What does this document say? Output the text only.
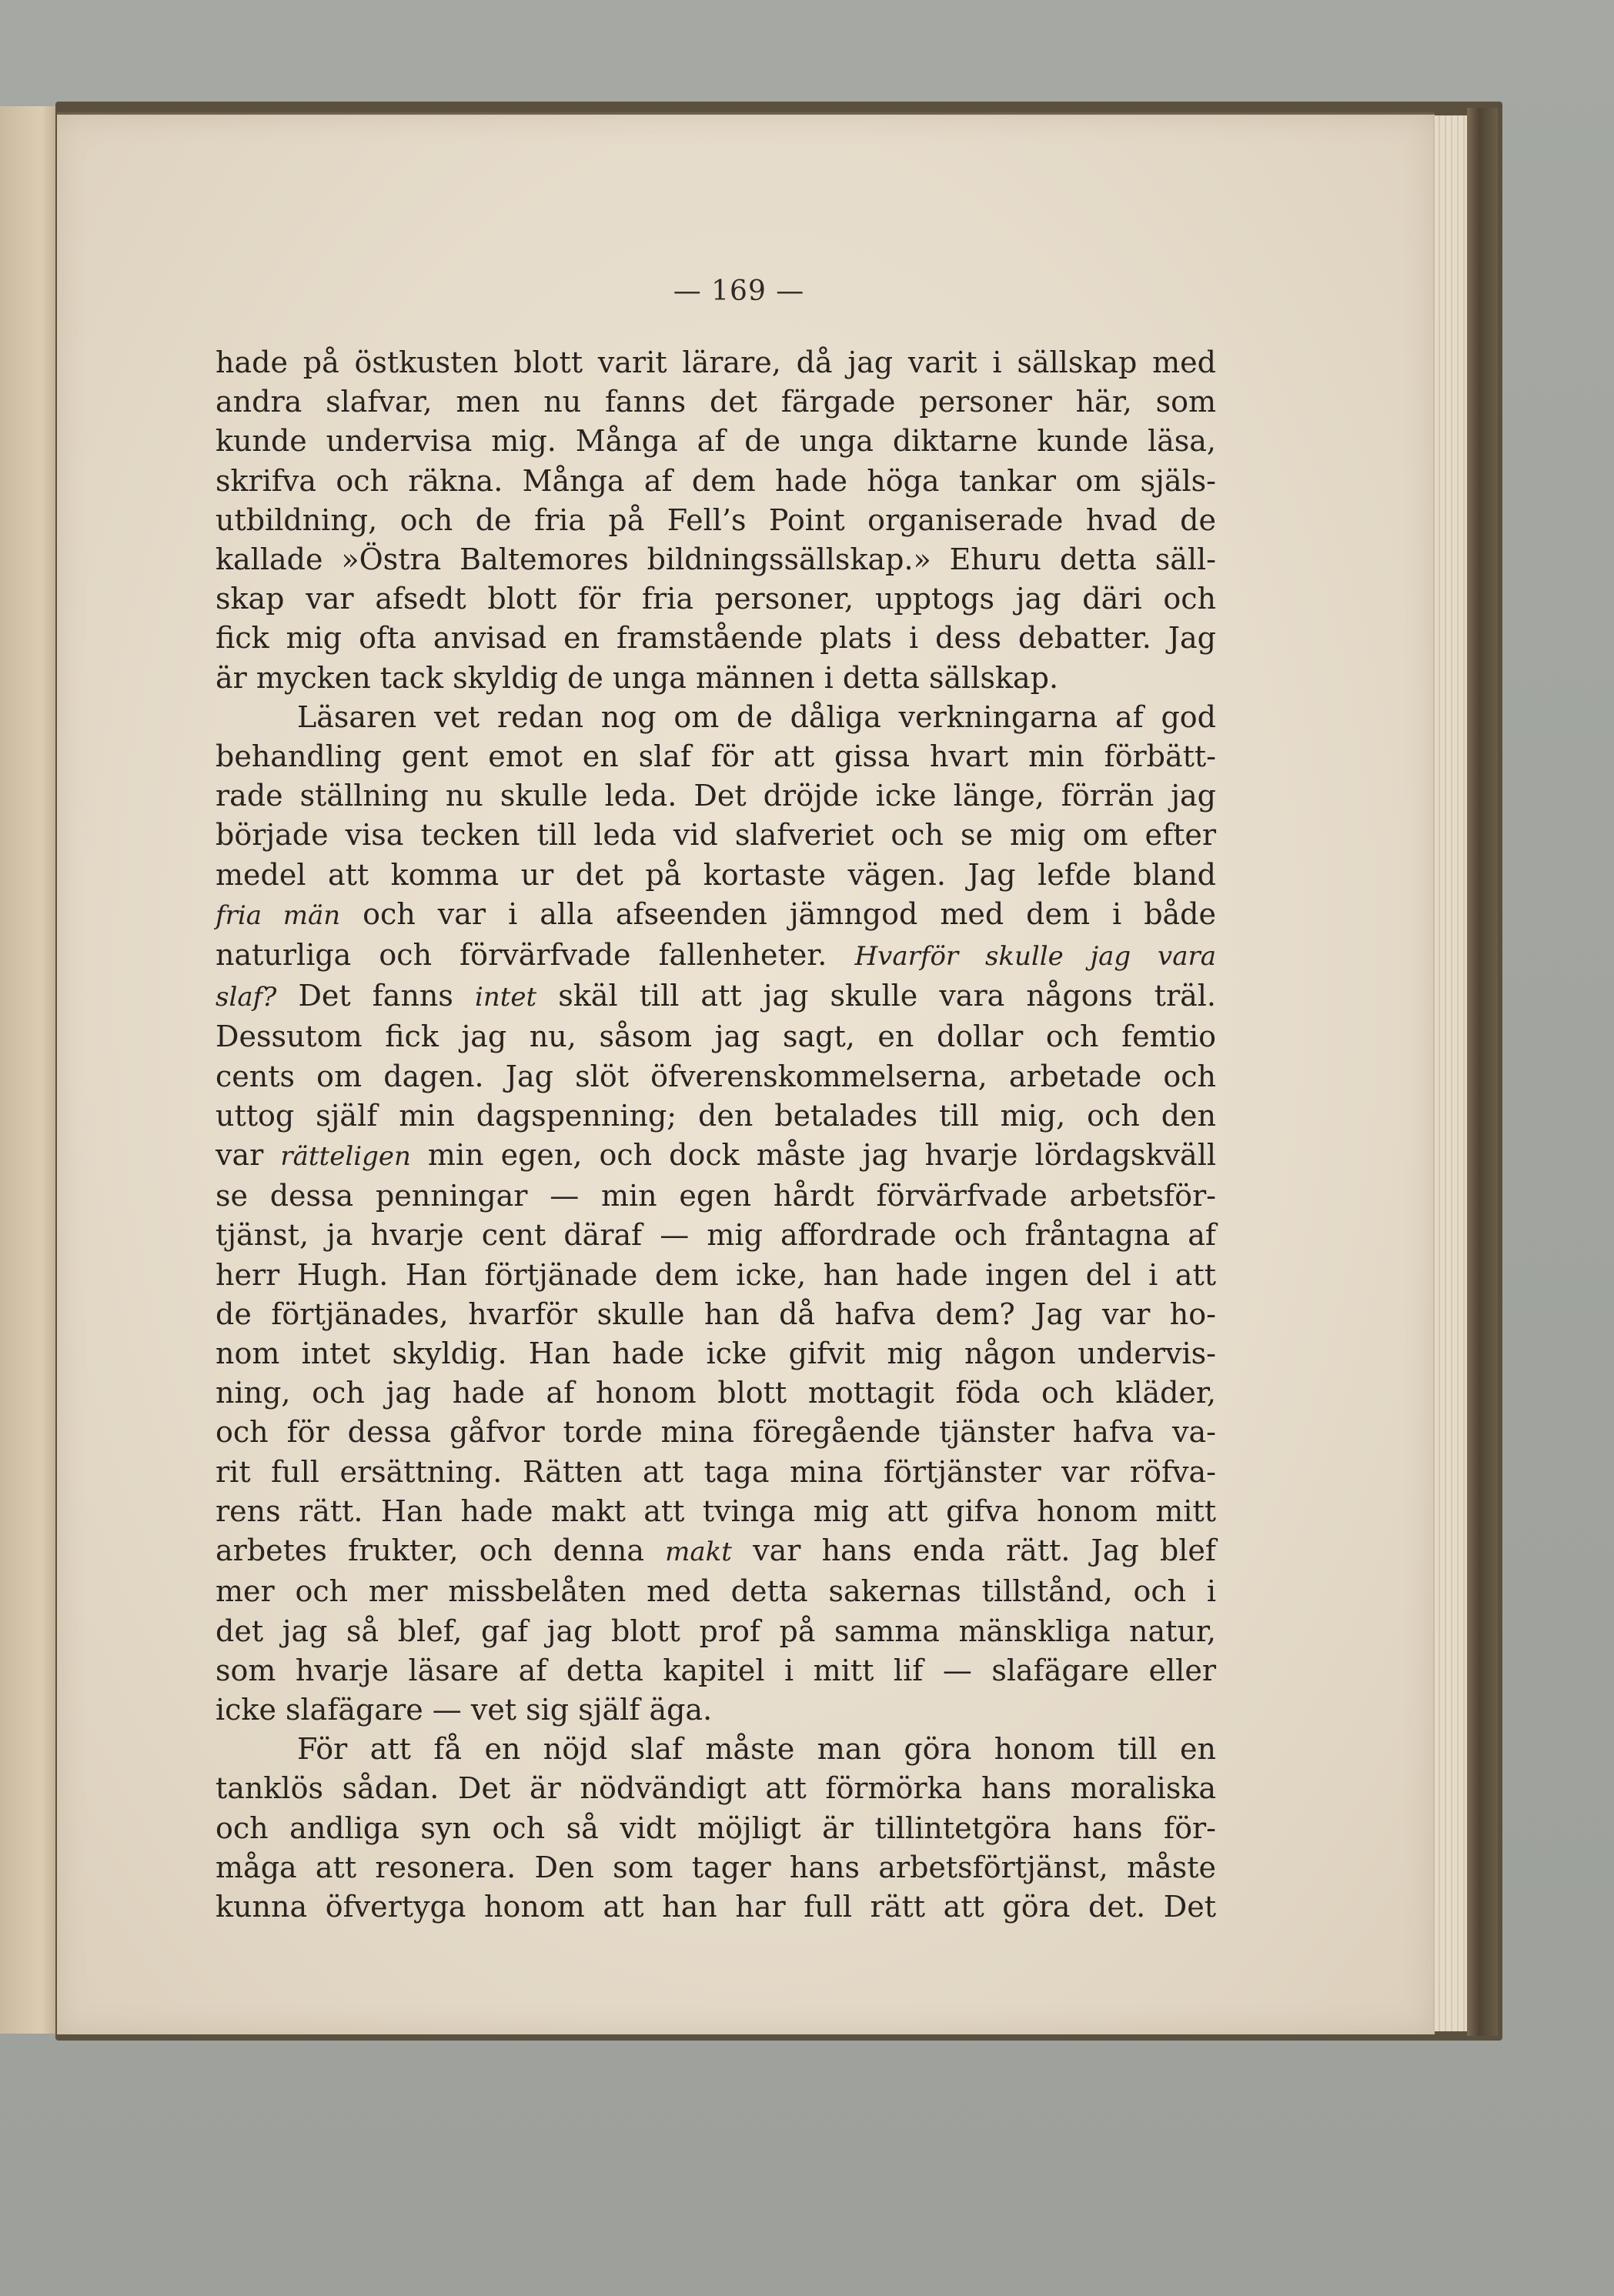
— 169 —
hade på östkusten blott varit lärare, då jag varit i sällskap med
andra slafvar, men nu fanns det färgade personer här, som
kunde undervisa mig. Många af de unga diktarne kunde läsa,
skrifva och räkna. Många af dem hade höga tankar om själs-
utbildning, och de fria på Fell’s Point organiserade hvad de
kallade »Östra Baltemores bildningssällskap.» Ehuru detta säll-
skap var afsedt blott för fria personer, upptogs jag däri och
fick mig ofta anvisad en framstående plats i dess debatter. Jag
är mycken tack skyldig de unga männen i detta sällskap.
Läsaren vet redan nog om de dåliga verkningarna af god
behandling gent emot en slaf för att gissa hvart min förbätt-
rade ställning nu skulle leda. Det dröjde icke länge, förrän jag
började visa tecken till leda vid slafveriet och se mig om efter
medel att komma ur det på kortaste vägen. Jag lefde bland
fria män och var i alla afseenden jämngod med dem i både
naturliga och förvärfvade fallenheter. Hvarför skulle jag vara
slaf? Det fanns intet skäl till att jag skulle vara någons träl.
Dessutom fick jag nu, såsom jag sagt, en dollar och femtio
cents om dagen. Jag slöt öfverenskommelserna, arbetade och
uttog själf min dagspenning; den betalades till mig, och den
var rätteligen min egen, och dock måste jag hvarje lördagskväll
se dessa penningar — min egen hårdt förvärfvade arbetsför-
tjänst, ja hvarje cent däraf — mig affordrade och fråntagna af
herr Hugh. Han förtjänade dem icke, han hade ingen del i att
de förtjänades, hvarför skulle han då hafva dem? Jag var ho-
nom intet skyldig. Han hade icke gifvit mig någon undervis-
ning, och jag hade af honom blott mottagit föda och kläder,
och för dessa gåfvor torde mina föregående tjänster hafva va-
rit full ersättning. Rätten att taga mina förtjänster var röfva-
rens rätt. Han hade makt att tvinga mig att gifva honom mitt
arbetes frukter, och denna makt var hans enda rätt. Jag blef
mer och mer missbelåten med detta sakernas tillstånd, och i
det jag så blef, gaf jag blott prof på samma mänskliga natur,
som hvarje läsare af detta kapitel i mitt lif — slafägare eller
icke slafägare — vet sig själf äga.
För att få en nöjd slaf måste man göra honom till en
tanklös sådan. Det är nödvändigt att förmörka hans moraliska
och andliga syn och så vidt möjligt är tillintetgöra hans för-
måga att resonera. Den som tager hans arbetsförtjänst, måste
kunna öfvertyga honom att han har full rätt att göra det. Det
